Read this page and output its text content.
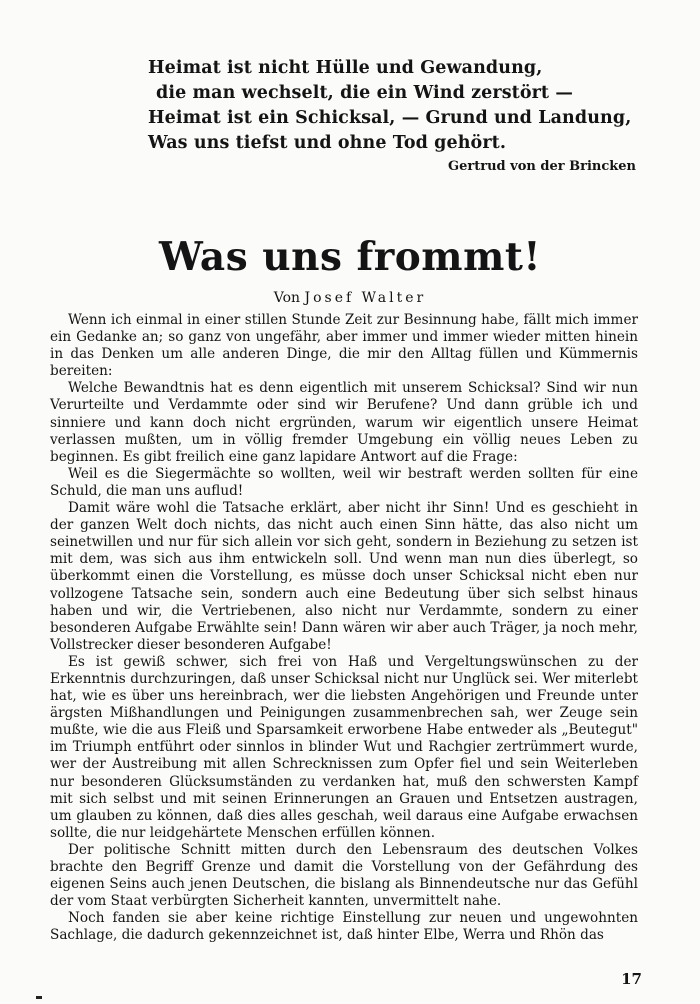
Heimat ist nicht Hülle und Gewandung,
die man wechselt, die ein Wind zerstört —
Heimat ist ein Schicksal, — Grund und Landung,
Was uns tiefst und ohne Tod gehört.
Gertrud von der Brincken
Was uns frommt!
Von Josef Walter

Wenn ich einmal in einer stillen Stunde Zeit zur Besinnung habe, fällt mich immer ein Gedanke an; so ganz von ungefähr, aber immer und immer wieder mitten hinein in das Denken um alle anderen Dinge, die mir den Alltag füllen und Kümmernis bereiten:

Welche Bewandtnis hat es denn eigentlich mit unserem Schicksal? Sind wir nun Verurteilte und Verdammte oder sind wir Berufene? Und dann grüble ich und sinniere und kann doch nicht ergründen, warum wir eigentlich unsere Heimat verlassen mußten, um in völlig fremder Umgebung ein völlig neues Leben zu beginnen. Es gibt freilich eine ganz lapidare Antwort auf die Frage:

Weil es die Siegermächte so wollten, weil wir bestraft werden sollten für eine Schuld, die man uns auflud!

Damit wäre wohl die Tatsache erklärt, aber nicht ihr Sinn! Und es geschieht in der ganzen Welt doch nichts, das nicht auch einen Sinn hätte, das also nicht um seinetwillen und nur für sich allein vor sich geht, sondern in Beziehung zu setzen ist mit dem, was sich aus ihm entwickeln soll. Und wenn man nun dies überlegt, so überkommt einen die Vorstellung, es müsse doch unser Schicksal nicht eben nur vollzogene Tatsache sein, sondern auch eine Bedeutung über sich selbst hinaus haben und wir, die Vertriebenen, also nicht nur Verdammte, sondern zu einer besonderen Aufgabe Erwählte sein! Dann wären wir aber auch Träger, ja noch mehr, Vollstrecker dieser besonderen Aufgabe!

Es ist gewiß schwer, sich frei von Haß und Vergeltungswünschen zu der Erkenntnis durchzuringen, daß unser Schicksal nicht nur Unglück sei. Wer miterlebt hat, wie es über uns hereinbrach, wer die liebsten Angehörigen und Freunde unter ärgsten Mißhandlungen und Peinigungen zusammenbrechen sah, wer Zeuge sein mußte, wie die aus Fleiß und Sparsamkeit erworbene Habe entweder als „Beutegut" im Triumph entführt oder sinnlos in blinder Wut und Rachgier zertrümmert wurde, wer der Austreibung mit allen Schrecknissen zum Opfer fiel und sein Weiterleben nur besonderen Glücksumständen zu verdanken hat, muß den schwersten Kampf mit sich selbst und mit seinen Erinnerungen an Grauen und Entsetzen austragen, um glauben zu können, daß dies alles geschah, weil daraus eine Aufgabe erwachsen sollte, die nur leidgehärtete Menschen erfüllen können.

Der politische Schnitt mitten durch den Lebensraum des deutschen Volkes brachte den Begriff Grenze und damit die Vorstellung von der Gefährdung des eigenen Seins auch jenen Deutschen, die bislang als Binnendeutsche nur das Gefühl der vom Staat verbürgten Sicherheit kannten, unvermittelt nahe.

Noch fanden sie aber keine richtige Einstellung zur neuen und ungewohnten Sachlage, die dadurch gekennzeichnet ist, daß hinter Elbe, Werra und Rhön das

17
